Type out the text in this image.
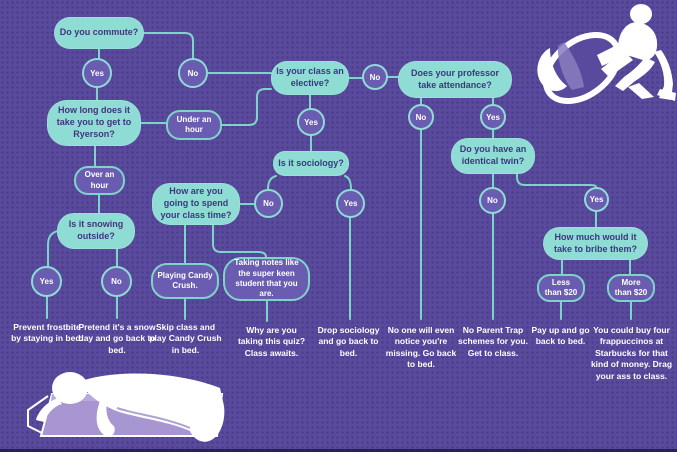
Do you commute?
How long does it take you to get to Ryerson?
Is your class an elective?
Does your professor take attendance?
Is it snowing outside?
Is it sociology?
How are you going to spend your class time?
Do you have an identical twin?
How much would it take to bribe them?
Under an hour
Over an hour
Playing Candy Crush.
Taking notes like the super keen student that you are.
Less than $20
More than $20
Yes	No
Yes
No
No	Yes
Yes	No
No	Yes	No	Yes
Prevent frostbite by staying in bed.
Pretend it's a snow day and go back to bed.
Skip class and play Candy Crush in bed.
Why are you taking this quiz? Class awaits.
Drop sociology and go back to bed.
No one will even notice you're missing. Go back to bed.
No Parent Trap schemes for you. Get to class.
Pay up and go back to bed.
You could buy four frappuccinos at Starbucks for that kind of money. Drag your ass to class.
